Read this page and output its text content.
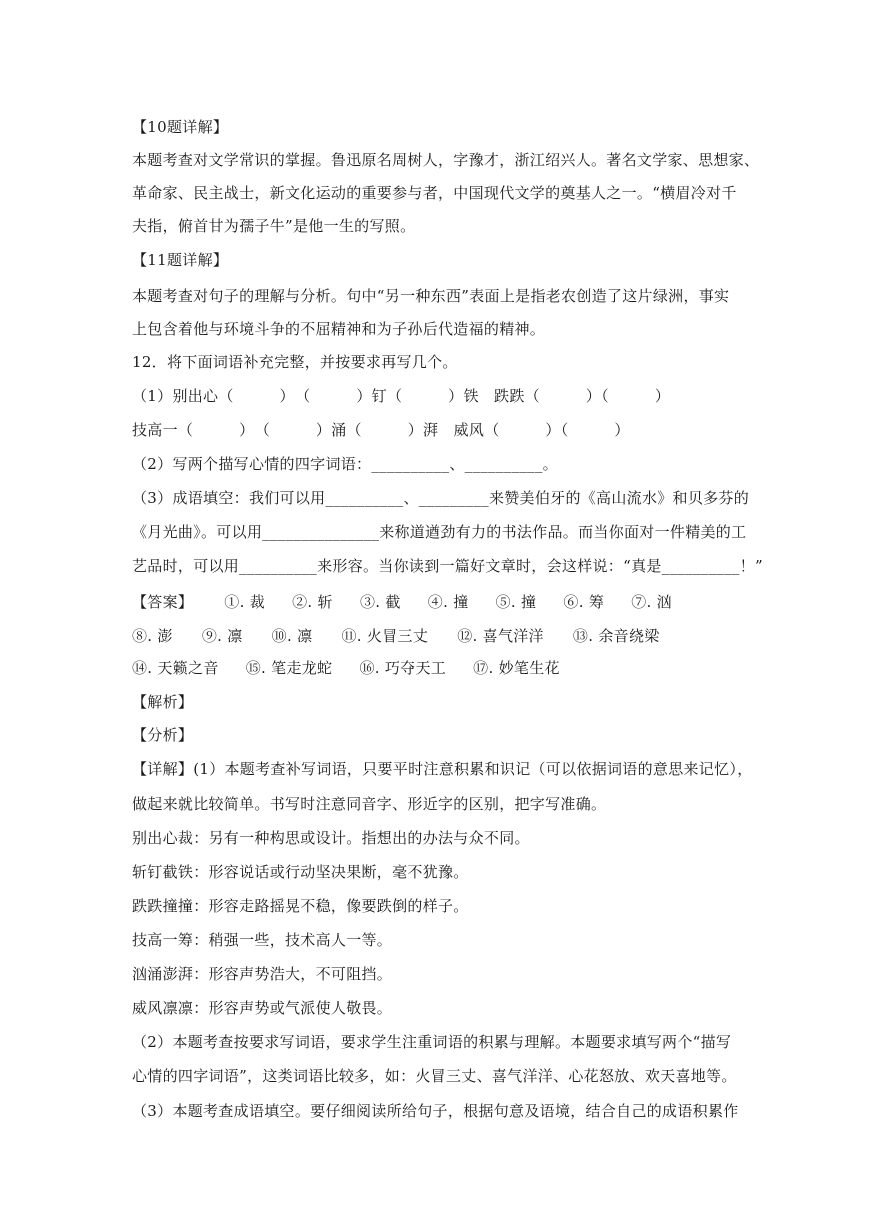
【10题详解】
本题考查对文学常识的掌握。鲁迅原名周树人，字豫才，浙江绍兴人。著名文学家、思想家、
革命家、民主战士，新文化运动的重要参与者，中国现代文学的奠基人之一。“横眉冷对千
夫指，俯首甘为孺子牛”是他一生的写照。
【11题详解】
本题考查对句子的理解与分析。句中“另一种东西”表面上是指老农创造了这片绿洲，事实
上包含着他与环境斗争的不屈精神和为子孙后代造福的精神。
12．将下面词语补充完整，并按要求再写几个。
（1）别出心（　　　）　（　　　）钉（　　　）铁　跌跌（　　　）（　　　）
技高一（　　　）　（　　　）涌（　　　）湃　威风（　　　）（　　　）
（2）写两个描写心情的四字词语：__________、__________。
（3）成语填空：我们可以用__________、_________来赞美伯牙的《高山流水》和贝多芬的
《月光曲》。可以用_______________来称道遒劲有力的书法作品。而当你面对一件精美的工
艺品时，可以用__________来形容。当你读到一篇好文章时，会这样说：“真是__________！”
【答案】 ①. 裁 ②. 斩 ③. 截 ④. 撞 ⑤. 撞 ⑥. 筹 ⑦. 汹
⑧. 澎 ⑨. 凛 ⑩. 凛 ⑪. 火冒三丈 ⑫. 喜气洋洋 ⑬. 余音绕梁
⑭. 天籁之音 ⑮. 笔走龙蛇 ⑯. 巧夺天工 ⑰. 妙笔生花
【解析】
【分析】
【详解】(1）本题考查补写词语，只要平时注意积累和识记（可以依据词语的意思来记忆），
做起来就比较简单。书写时注意同音字、形近字的区别，把字写准确。
别出心裁：另有一种构思或设计。指想出的办法与众不同。
斩钉截铁：形容说话或行动坚决果断，毫不犹豫。
跌跌撞撞：形容走路摇晃不稳，像要跌倒的样子。
技高一筹：稍强一些，技术高人一等。
汹涌澎湃：形容声势浩大，不可阻挡。
威风凛凛：形容声势或气派使人敬畏。
（2）本题考查按要求写词语，要求学生注重词语的积累与理解。本题要求填写两个“描写
心情的四字词语”，这类词语比较多，如：火冒三丈、喜气洋洋、心花怒放、欢天喜地等。
（3）本题考查成语填空。要仔细阅读所给句子，根据句意及语境，结合自己的成语积累作
